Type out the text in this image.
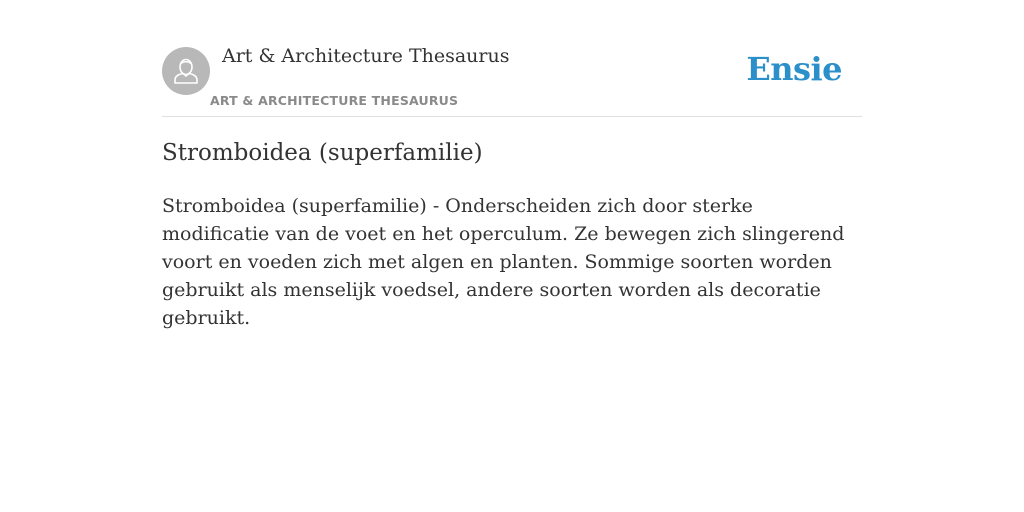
Art & Architecture Thesaurus
ART & ARCHITECTURE THESAURUS
Ensie
Stromboidea (superfamilie)

Stromboidea (superfamilie) - Onderscheiden zich door sterke modificatie van de voet en het operculum. Ze bewegen zich slingerend voort en voeden zich met algen en planten. Sommige soorten worden gebruikt als menselijk voedsel, andere soorten worden als decoratie gebruikt.
